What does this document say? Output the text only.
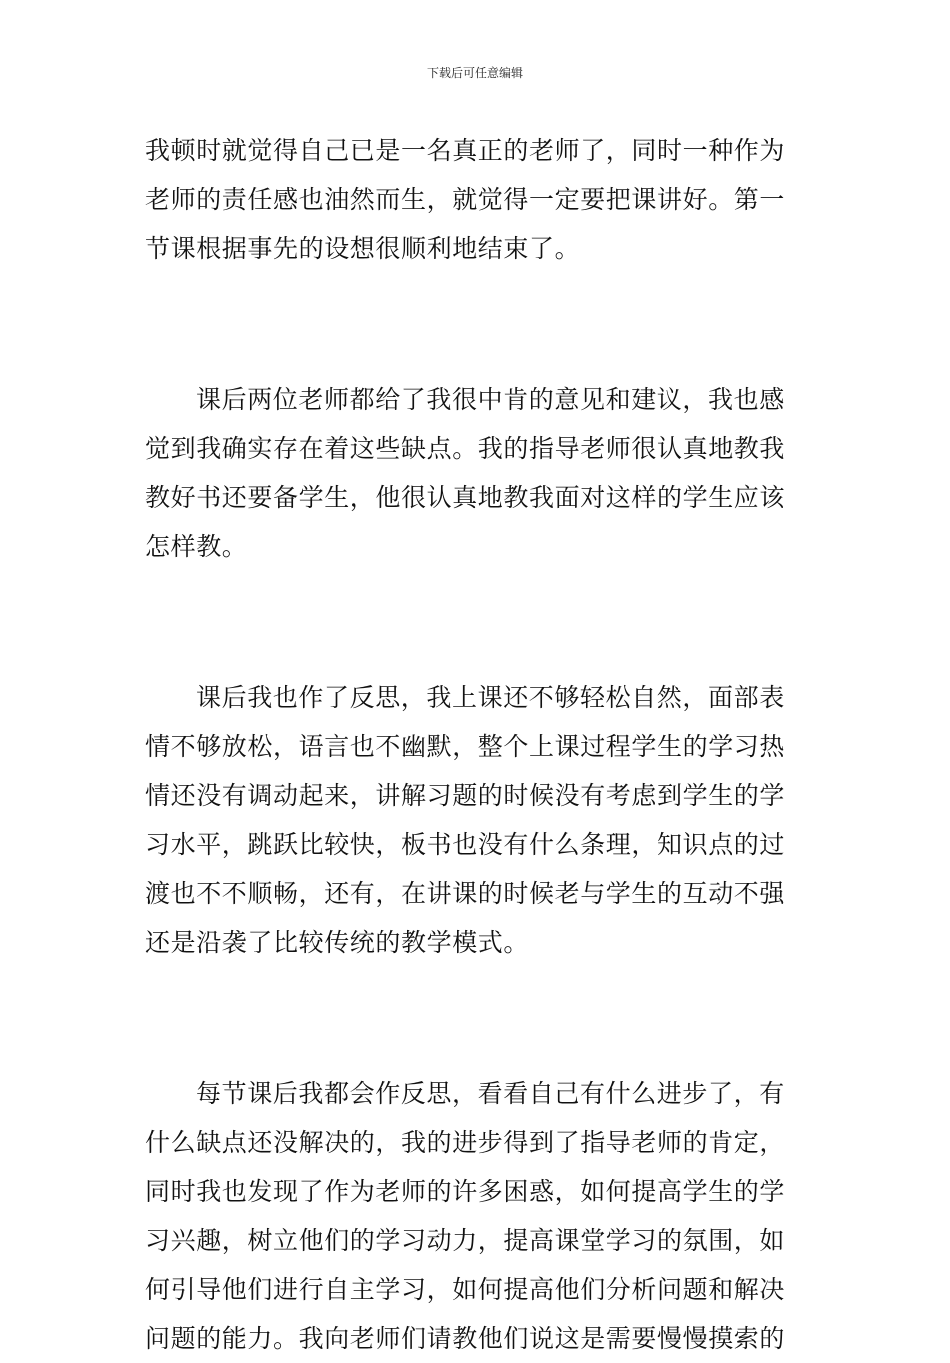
下载后可任意编辑
我顿时就觉得自己已是一名真正的老师了，同时一种作为
老师的责任感也油然而生，就觉得一定要把课讲好。第一
节课根据事先的设想很顺利地结束了。
课后两位老师都给了我很中肯的意见和建议，我也感
觉到我确实存在着这些缺点。我的指导老师很认真地教我
教好书还要备学生，他很认真地教我面对这样的学生应该
怎样教。
课后我也作了反思，我上课还不够轻松自然，面部表
情不够放松，语言也不幽默，整个上课过程学生的学习热
情还没有调动起来，讲解习题的时候没有考虑到学生的学
习水平，跳跃比较快，板书也没有什么条理，知识点的过
渡也不不顺畅，还有，在讲课的时候老与学生的互动不强
还是沿袭了比较传统的教学模式。
每节课后我都会作反思，看看自己有什么进步了，有
什么缺点还没解决的，我的进步得到了指导老师的肯定，
同时我也发现了作为老师的许多困惑，如何提高学生的学
习兴趣，树立他们的学习动力，提高课堂学习的氛围，如
何引导他们进行自主学习，如何提高他们分析问题和解决
问题的能力。我向老师们请教他们说这是需要慢慢摸索的
